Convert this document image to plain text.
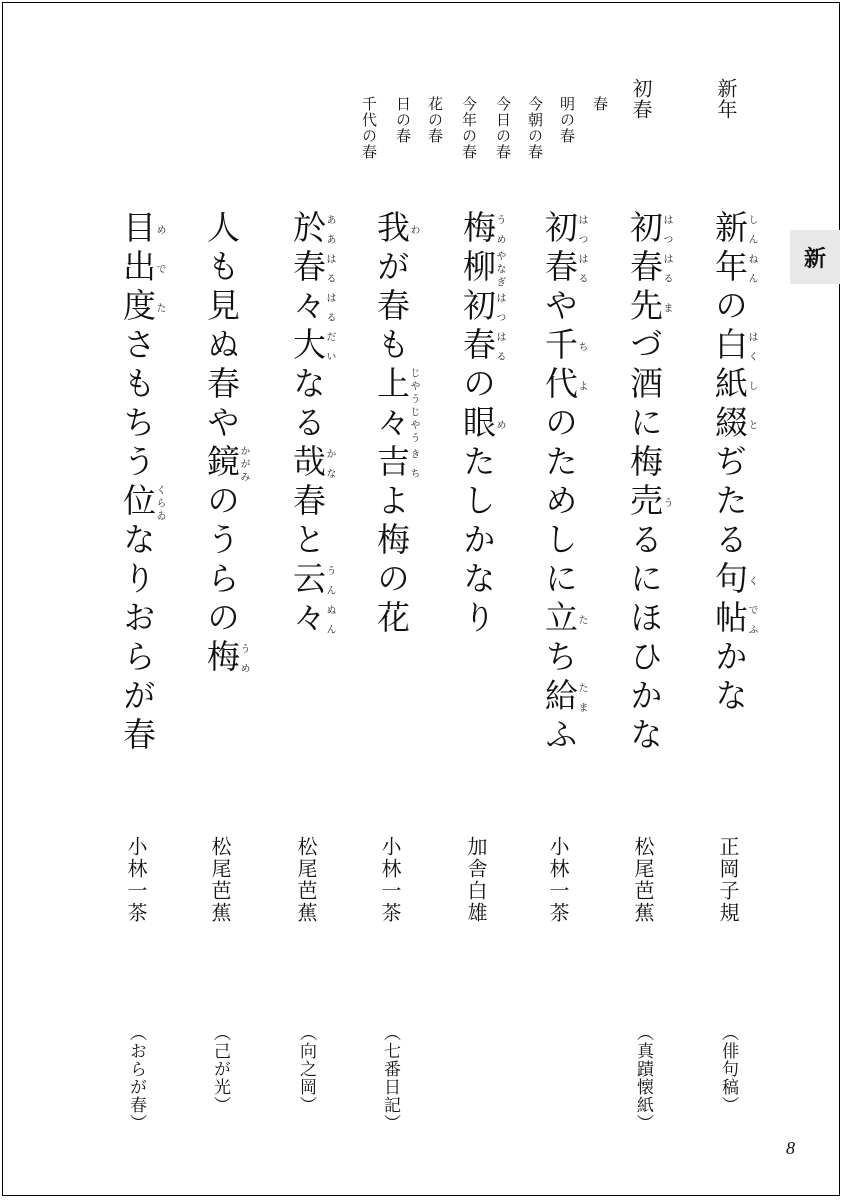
新年
初春
春
明の春
今朝の春
今日の春
今年の春
花の春
日の春
千代の春
新
新しん年ねんの白はく紙し綴とぢたる句く帖でふかな
正岡子規
（俳句稿）
初はつ春はる先まづ酒に梅売うるにほひかな
松尾芭蕉
（真蹟懐紙）
初はつ春はるや千ち代よのためしに立たち給たまふ
小林一茶
梅うめ柳やなぎ初はつ春はるの眼めたしかなり
加舎白雄
我わが春も上じやう々じやう吉きちよ梅の花
小林一茶
（七番日記）
於ああ春はる々はる大だいなる哉かな春と云うん々ぬん
松尾芭蕉
（向之岡）
人も見ぬ春や鏡かがみのうらの梅うめ
松尾芭蕉
（己が光）
目め出で度たさもちう位くらゐなりおらが春
小林一茶
（おらが春）
8
